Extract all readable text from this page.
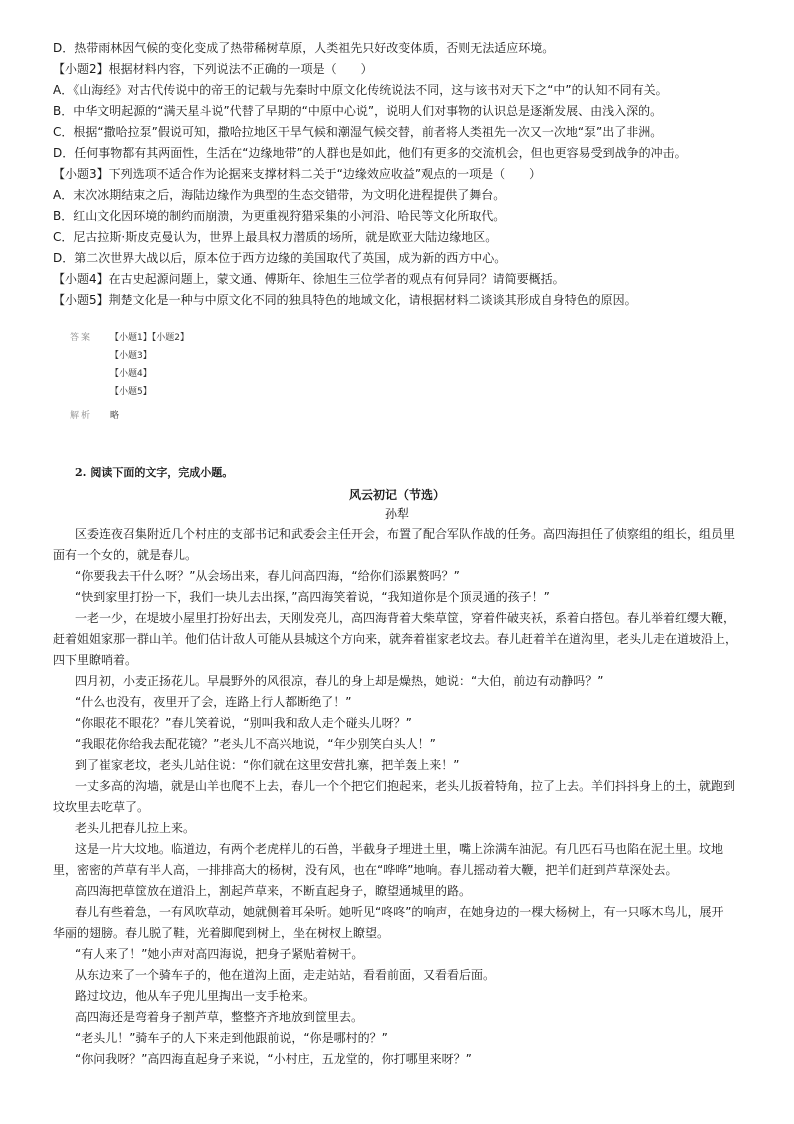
D．热带雨林因气候的变化变成了热带稀树草原，人类祖先只好改变体质，否则无法适应环境。
【小题2】根据材料内容，下列说法不正确的一项是（　　）
A．《山海经》对古代传说中的帝王的记载与先秦时中原文化传统说法不同，这与该书对天下之“中”的认知不同有关。
B．中华文明起源的“满天星斗说”代替了早期的“中原中心说”，说明人们对事物的认识总是逐渐发展、由浅入深的。
C．根据“撒哈拉泵”假说可知，撒哈拉地区干旱气候和潮湿气候交替，前者将人类祖先一次又一次地“泵”出了非洲。
D．任何事物都有其两面性，生活在“边缘地带”的人群也是如此，他们有更多的交流机会，但也更容易受到战争的冲击。
【小题3】下列选项不适合作为论据来支撑材料二关于“边缘效应收益”观点的一项是（　　）
A．末次冰期结束之后，海陆边缘作为典型的生态交错带，为文明化进程提供了舞台。
B．红山文化因环境的制约而崩溃，为更重视狩猎采集的小河沿、哈民等文化所取代。
C．尼古拉斯·斯皮克曼认为，世界上最具权力潜质的场所，就是欧亚大陆边缘地区。
D．第二次世界大战以后，原本位于西方边缘的美国取代了英国，成为新的西方中心。
【小题4】在古史起源问题上，蒙文通、傅斯年、徐旭生三位学者的观点有何异同？请简要概括。
【小题5】荆楚文化是一种与中原文化不同的独具特色的地域文化，请根据材料二谈谈其形成自身特色的原因。
答案 【小题1】【小题2】
【小题3】
【小题4】
【小题5】
解析 略
2. 阅读下面的文字，完成小题。
风云初记（节选）
孙犁
区委连夜召集附近几个村庄的支部书记和武委会主任开会，布置了配合军队作战的任务。高四海担任了侦察组的组长，组员里
面有一个女的，就是春儿。
“你要我去干什么呀？”从会场出来，春儿问高四海，“给你们添累赘吗？”
“快到家里打扮一下，我们一块儿去出探，”高四海笑着说，“我知道你是个顶灵通的孩子！”
一老一少，在堤坡小屋里打扮好出去，天刚发亮儿，高四海背着大柴草筐，穿着件破夹袄，系着白搭包。春儿举着红缨大鞭，
赶着姐姐家那一群山羊。他们估计敌人可能从县城这个方向来，就奔着崔家老坟去。春儿赶着羊在道沟里，老头儿走在道坡沿上，
四下里瞭哨着。
四月初，小麦正扬花儿。早晨野外的风很凉，春儿的身上却是燥热，她说：“大伯，前边有动静吗？”
“什么也没有，夜里开了会，连路上行人都断绝了！”
“你眼花不眼花？”春儿笑着说，“别叫我和敌人走个碰头儿呀？”
“我眼花你给我去配花镜？”老头儿不高兴地说，“年少别笑白头人！”
到了崔家老坟，老头儿站住说：“你们就在这里安营扎寨，把羊轰上来！”
一丈多高的沟墙，就是山羊也爬不上去，春儿一个个把它们抱起来，老头儿扳着特角，拉了上去。羊们抖抖身上的土，就跑到
坟坎里去吃草了。
老头儿把春儿拉上来。
这是一片大坟地。临道边，有两个老虎样儿的石兽，半截身子埋进土里，嘴上涂满车油泥。有几匹石马也陷在泥土里。坟地
里，密密的芦草有半人高，一排排高大的杨树，没有风，也在“哗哗”地响。春儿摇动着大鞭，把羊们赶到芦草深处去。
高四海把草筐放在道沿上，割起芦草来，不断直起身子，瞭望通城里的路。
春儿有些着急，一有风吹草动，她就侧着耳朵听。她听见“咚咚”的响声，在她身边的一棵大杨树上，有一只啄木鸟儿，展开
华丽的翅膀。春儿脱了鞋，光着脚爬到树上，坐在树杈上瞭望。
“有人来了！”她小声对高四海说，把身子紧贴着树干。
从东边来了一个骑车子的，他在道沟上面，走走站站，看看前面，又看看后面。
路过坟边，他从车子兜儿里掏出一支手枪来。
高四海还是弯着身子割芦草，整整齐齐地放到筐里去。
“老头儿！”骑车子的人下来走到他跟前说，“你是哪村的？”
“你问我呀？”高四海直起身子来说，“小村庄，五龙堂的，你打哪里来呀？”
